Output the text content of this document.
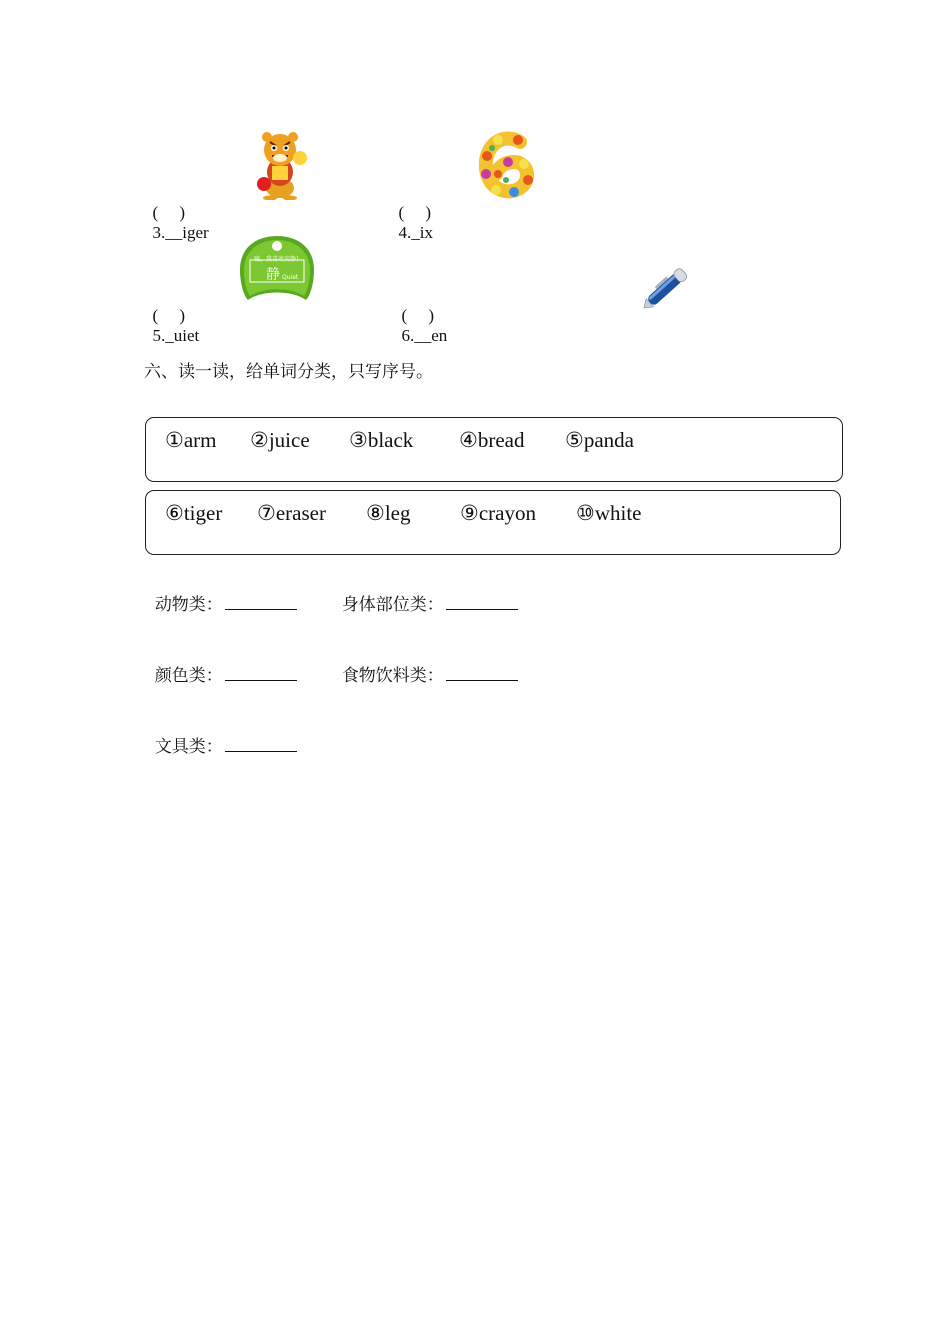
(     )
3.__iger

(     )
4._ix

(     )
5._uiet

嘘，我喜欢安静！
静 Quiet

(     )
6.__en

六、读一读，给单词分类，只写序号。
①arm ②juice ③black ④bread ⑤panda
⑥tiger ⑦eraser ⑧leg ⑨crayon ⑩white

动物类：	身体部位类：

颜色类：	食物饮料类：

文具类：
